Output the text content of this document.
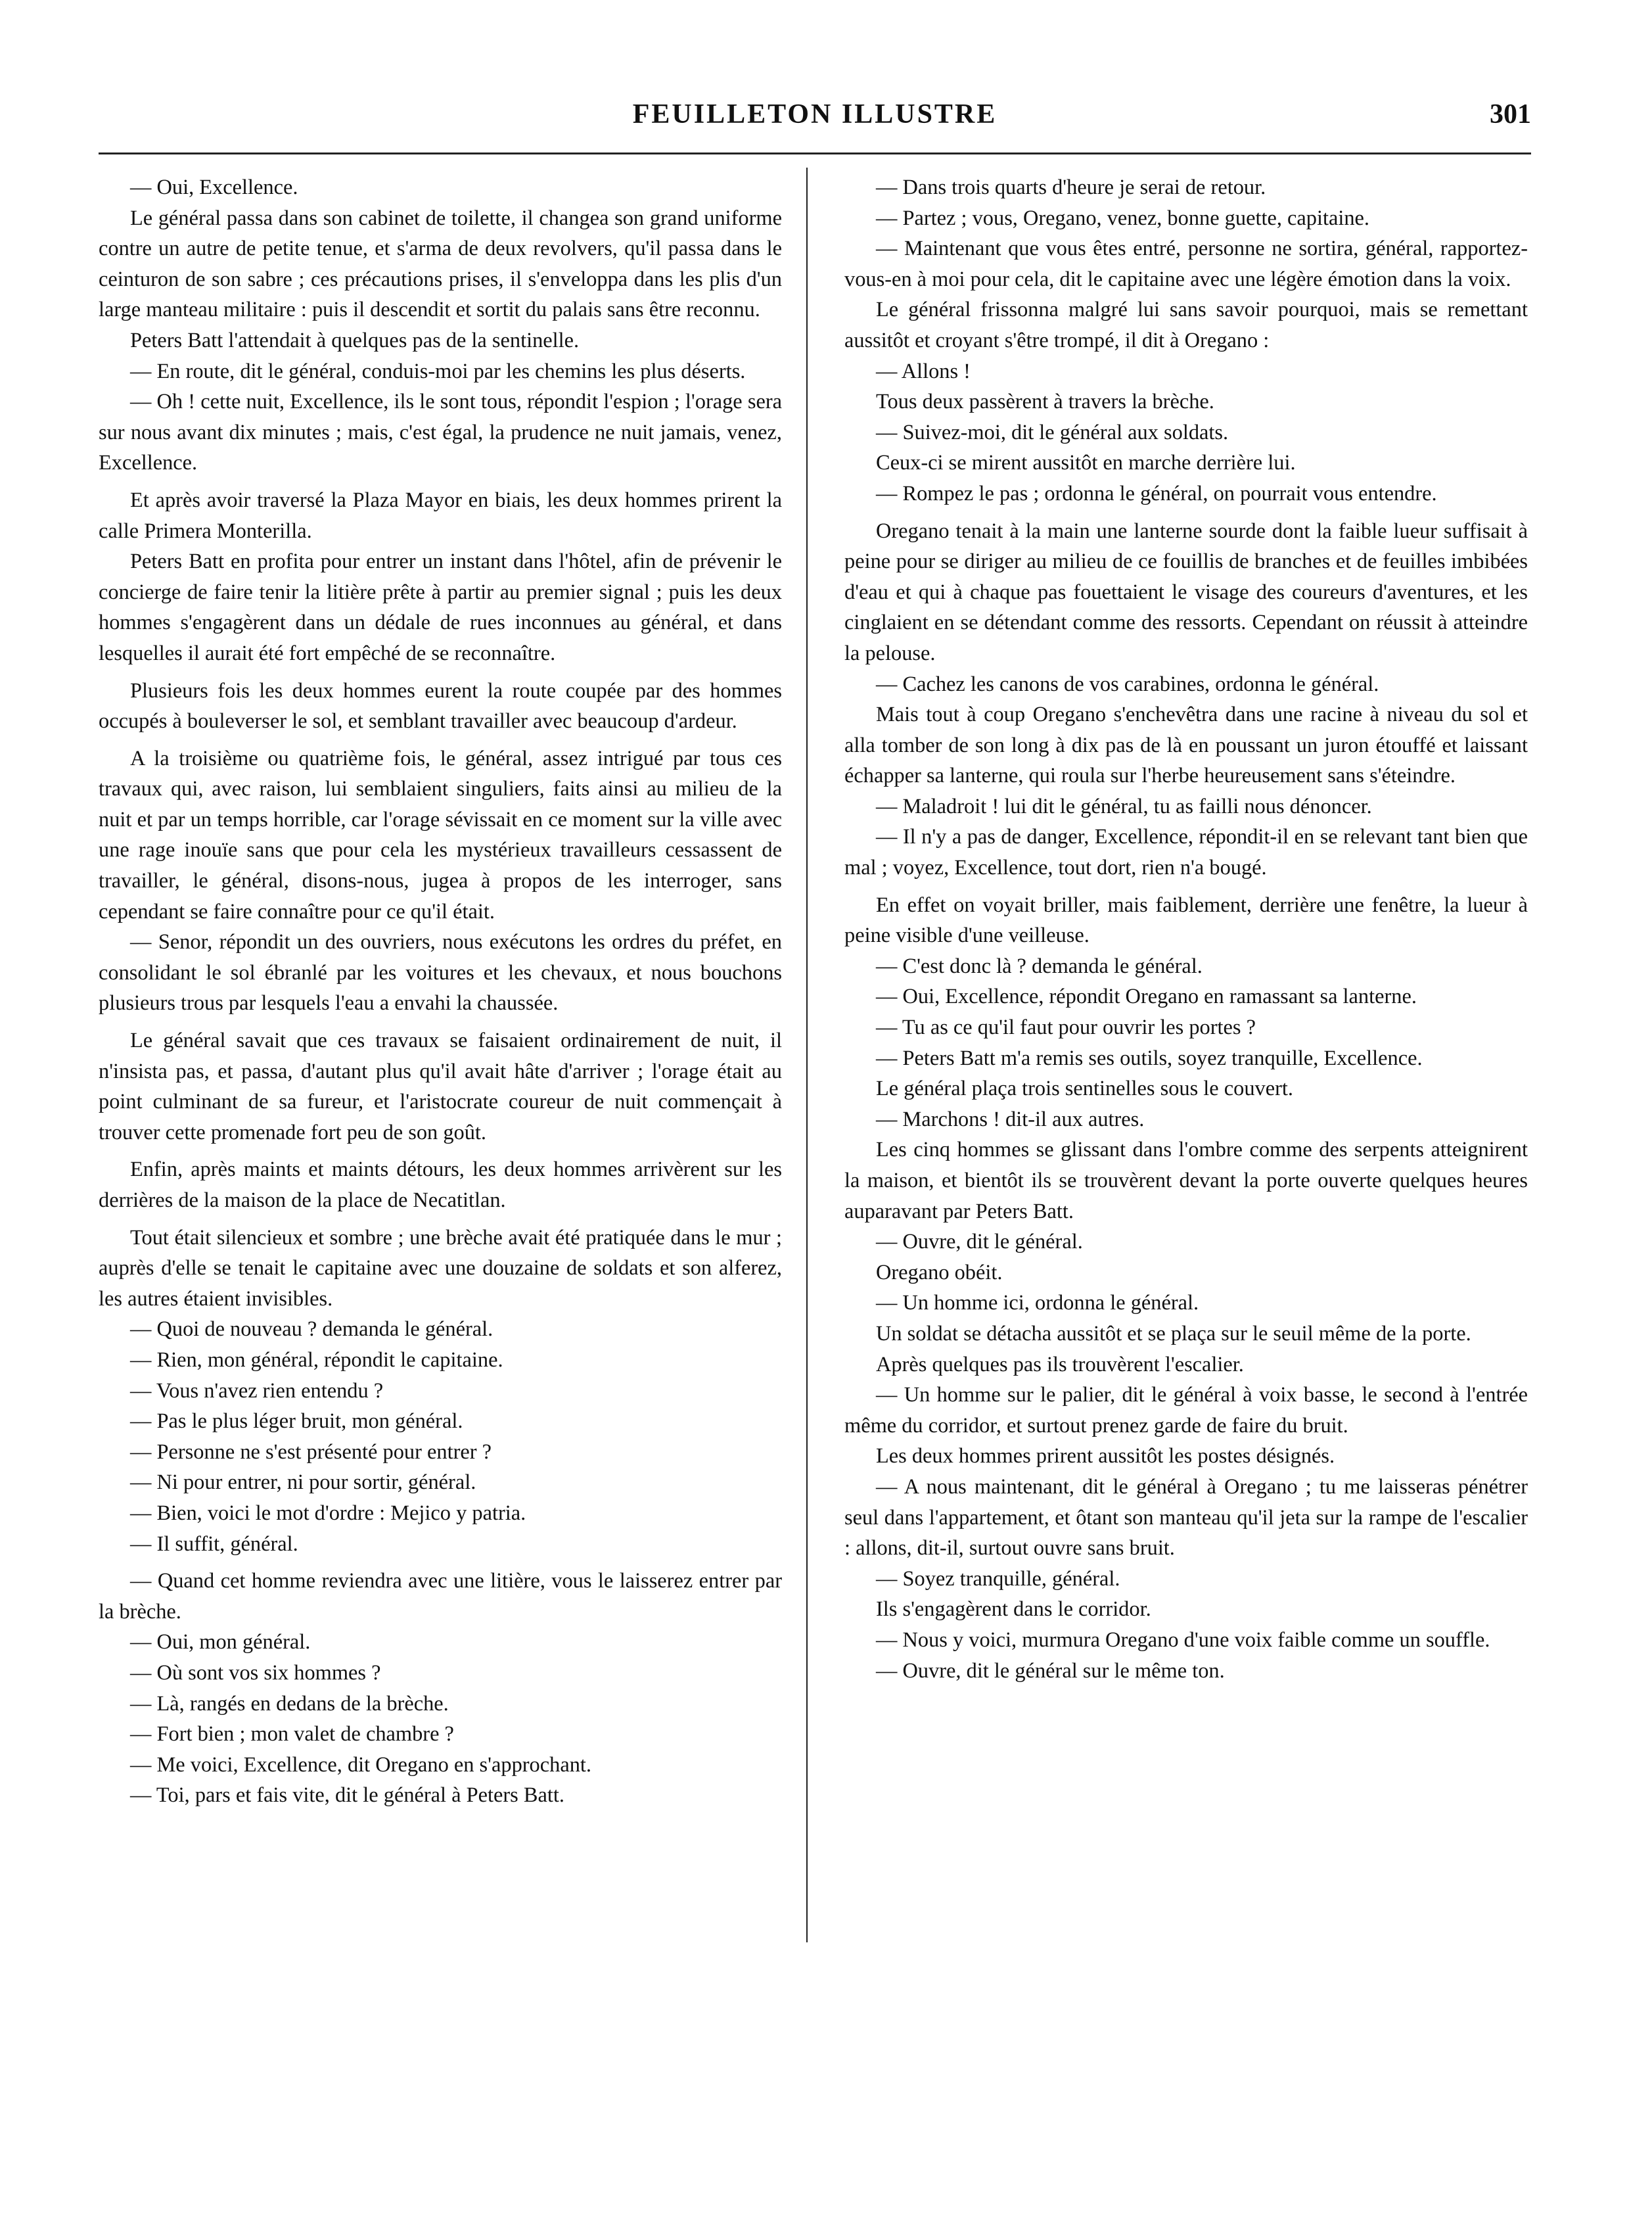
FEUILLETON ILLUSTRE	301

— Oui, Excellence.

Le général passa dans son cabinet de toilette, il changea son grand uniforme contre un autre de petite tenue, et s'arma de deux revolvers, qu'il passa dans le ceinturon de son sabre ; ces précautions prises, il s'enveloppa dans les plis d'un large manteau militaire : puis il descendit et sortit du palais sans être reconnu.

Peters Batt l'attendait à quelques pas de la sentinelle.

— En route, dit le général, conduis-moi par les chemins les plus déserts.

— Oh ! cette nuit, Excellence, ils le sont tous, répondit l'espion ; l'orage sera sur nous avant dix minutes ; mais, c'est égal, la prudence ne nuit jamais, venez, Excellence.

Et après avoir traversé la Plaza Mayor en biais, les deux hommes prirent la calle Primera Monterilla.

Peters Batt en profita pour entrer un instant dans l'hôtel, afin de prévenir le concierge de faire tenir la litière prête à partir au premier signal ; puis les deux hommes s'engagèrent dans un dédale de rues inconnues au général, et dans lesquelles il aurait été fort empêché de se reconnaître.

Plusieurs fois les deux hommes eurent la route coupée par des hommes occupés à bouleverser le sol, et semblant travailler avec beaucoup d'ardeur.

A la troisième ou quatrième fois, le général, assez intrigué par tous ces travaux qui, avec raison, lui semblaient singuliers, faits ainsi au milieu de la nuit et par un temps horrible, car l'orage sévissait en ce moment sur la ville avec une rage inouïe sans que pour cela les mystérieux travailleurs cessassent de travailler, le général, disons-nous, jugea à propos de les interroger, sans cependant se faire connaître pour ce qu'il était.

— Senor, répondit un des ouvriers, nous exécutons les ordres du préfet, en consolidant le sol ébranlé par les voitures et les chevaux, et nous bouchons plusieurs trous par lesquels l'eau a envahi la chaussée.

Le général savait que ces travaux se faisaient ordinairement de nuit, il n'insista pas, et passa, d'autant plus qu'il avait hâte d'arriver ; l'orage était au point culminant de sa fureur, et l'aristocrate coureur de nuit commençait à trouver cette promenade fort peu de son goût.

Enfin, après maints et maints détours, les deux hommes arrivèrent sur les derrières de la maison de la place de Necatitlan.

Tout était silencieux et sombre ; une brèche avait été pratiquée dans le mur ; auprès d'elle se tenait le capitaine avec une douzaine de soldats et son alferez, les autres étaient invisibles.

— Quoi de nouveau ? demanda le général.

— Rien, mon général, répondit le capitaine.

— Vous n'avez rien entendu ?

— Pas le plus léger bruit, mon général.

— Personne ne s'est présenté pour entrer ?

— Ni pour entrer, ni pour sortir, général.

— Bien, voici le mot d'ordre : Mejico y patria.

— Il suffit, général.

— Quand cet homme reviendra avec une litière, vous le laisserez entrer par la brèche.

— Oui, mon général.

— Où sont vos six hommes ?

— Là, rangés en dedans de la brèche.

— Fort bien ; mon valet de chambre ?

— Me voici, Excellence, dit Oregano en s'approchant.

— Toi, pars et fais vite, dit le général à Peters Batt.

— Dans trois quarts d'heure je serai de retour.

— Partez ; vous, Oregano, venez, bonne guette, capitaine.

— Maintenant que vous êtes entré, personne ne sortira, général, rapportez-vous-en à moi pour cela, dit le capitaine avec une légère émotion dans la voix.

Le général frissonna malgré lui sans savoir pourquoi, mais se remettant aussitôt et croyant s'être trompé, il dit à Oregano :

— Allons !

Tous deux passèrent à travers la brèche.

— Suivez-moi, dit le général aux soldats.

Ceux-ci se mirent aussitôt en marche derrière lui.

— Rompez le pas ; ordonna le général, on pourrait vous entendre.

Oregano tenait à la main une lanterne sourde dont la faible lueur suffisait à peine pour se diriger au milieu de ce fouillis de branches et de feuilles imbibées d'eau et qui à chaque pas fouettaient le visage des coureurs d'aventures, et les cinglaient en se détendant comme des ressorts. Cependant on réussit à atteindre la pelouse.

— Cachez les canons de vos carabines, ordonna le général.

Mais tout à coup Oregano s'enchevêtra dans une racine à niveau du sol et alla tomber de son long à dix pas de là en poussant un juron étouffé et laissant échapper sa lanterne, qui roula sur l'herbe heureusement sans s'éteindre.

— Maladroit ! lui dit le général, tu as failli nous dénoncer.

— Il n'y a pas de danger, Excellence, répondit-il en se relevant tant bien que mal ; voyez, Excellence, tout dort, rien n'a bougé.

En effet on voyait briller, mais faiblement, derrière une fenêtre, la lueur à peine visible d'une veilleuse.

— C'est donc là ? demanda le général.

— Oui, Excellence, répondit Oregano en ramassant sa lanterne.

— Tu as ce qu'il faut pour ouvrir les portes ?

— Peters Batt m'a remis ses outils, soyez tranquille, Excellence.

Le général plaça trois sentinelles sous le couvert.

— Marchons ! dit-il aux autres.

Les cinq hommes se glissant dans l'ombre comme des serpents atteignirent la maison, et bientôt ils se trouvèrent devant la porte ouverte quelques heures auparavant par Peters Batt.

— Ouvre, dit le général.

Oregano obéit.

— Un homme ici, ordonna le général.

Un soldat se détacha aussitôt et se plaça sur le seuil même de la porte.

Après quelques pas ils trouvèrent l'escalier.

— Un homme sur le palier, dit le général à voix basse, le second à l'entrée même du corridor, et surtout prenez garde de faire du bruit.

Les deux hommes prirent aussitôt les postes désignés.

— A nous maintenant, dit le général à Oregano ; tu me laisseras pénétrer seul dans l'appartement, et ôtant son manteau qu'il jeta sur la rampe de l'escalier : allons, dit-il, surtout ouvre sans bruit.

— Soyez tranquille, général.

Ils s'engagèrent dans le corridor.

— Nous y voici, murmura Oregano d'une voix faible comme un souffle.

— Ouvre, dit le général sur le même ton.
